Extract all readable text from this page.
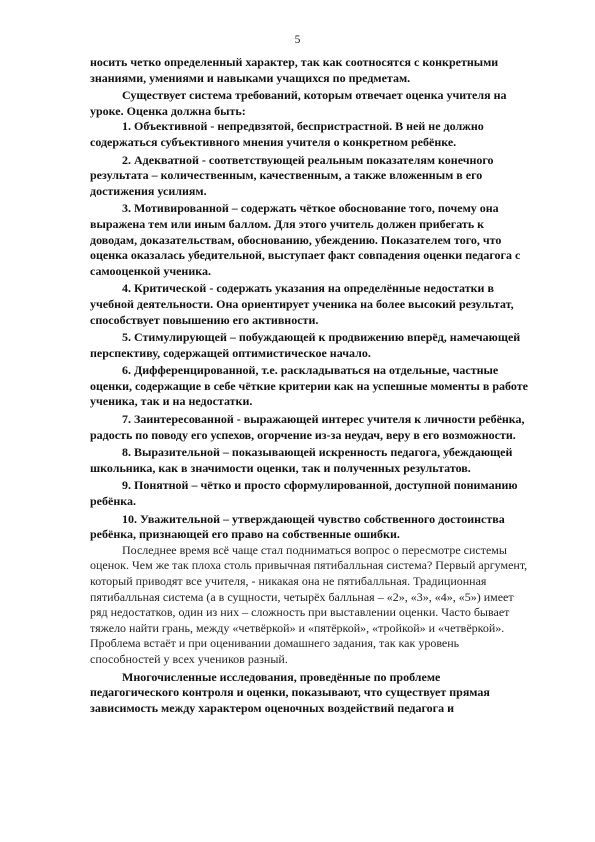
5

носить четко определенный характер, так как соотносятся с конкретными знаниями, умениями и навыками учащихся по предметам.

Существует система требований, которым отвечает оценка учителя на уроке. Оценка должна быть:

1. Объективной - непредвзятой, беспристрастной. В ней не должно содержаться субъективного мнения учителя о конкретном ребёнке.

2. Адекватной - соответствующей реальным показателям конечного результата – количественным, качественным, а также вложенным в его достижения усилиям.

3. Мотивированной – содержать чёткое обоснование того, почему она выражена тем или иным баллом. Для этого учитель должен прибегать к доводам, доказательствам, обоснованию, убеждению. Показателем того, что оценка оказалась убедительной, выступает факт совпадения оценки педагога с самооценкой ученика.

4. Критической - содержать указания на определённые недостатки в учебной деятельности. Она ориентирует ученика на более высокий результат, способствует повышению его активности.

5. Стимулирующей – побуждающей к продвижению вперёд, намечающей перспективу, содержащей оптимистическое начало.

6. Дифференцированной, т.е. раскладываться на отдельные, частные оценки, содержащие в себе чёткие критерии как на успешные моменты в работе ученика, так и на недостатки.

7. Заинтересованной - выражающей интерес учителя к личности ребёнка, радость по поводу его успехов, огорчение из-за неудач, веру в его возможности.

8. Выразительной – показывающей искренность педагога, убеждающей школьника, как в значимости оценки, так и полученных результатов.

9. Понятной – чётко и просто сформулированной, доступной пониманию ребёнка.

10. Уважительной – утверждающей чувство собственного достоинства ребёнка, признающей его право на собственные ошибки.

Последнее время всё чаще стал подниматься вопрос о пересмотре системы оценок. Чем же так плоха столь привычная пятибалльная система? Первый аргумент, который приводят все учителя, - никакая она не пятибалльная. Традиционная пятибалльная система (а в сущности, четырёх балльная – «2», «3», «4», «5») имеет ряд недостатков, один из них – сложность при выставлении оценки. Часто бывает тяжело найти грань, между «четвёркой» и «пятёркой», «тройкой» и «четвёркой». Проблема встаёт и при оценивании домашнего задания, так как уровень способностей у всех учеников разный.

Многочисленные исследования, проведённые по проблеме педагогического контроля и оценки, показывают, что существует прямая зависимость между характером оценочных воздействий педагога и
